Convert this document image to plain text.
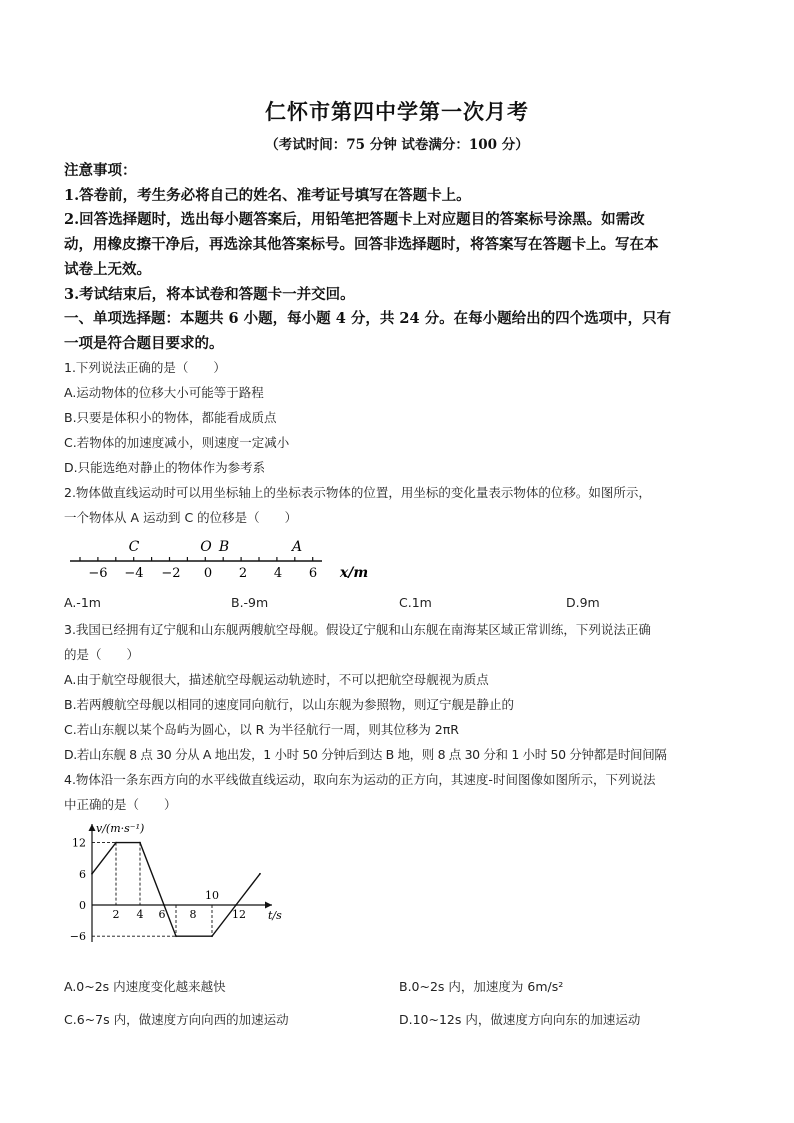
仁怀市第四中学第一次月考
（考试时间：75 分钟 试卷满分：100 分）
注意事项：
1.答卷前，考生务必将自己的姓名、准考证号填写在答题卡上。
2.回答选择题时，选出每小题答案后，用铅笔把答题卡上对应题目的答案标号涂黑。如需改
动，用橡皮擦干净后，再选涂其他答案标号。回答非选择题时，将答案写在答题卡上。写在本
试卷上无效。
3.考试结束后，将本试卷和答题卡一并交回。
一、单项选择题：本题共 6 小题，每小题 4 分，共 24 分。在每小题给出的四个选项中，只有
一项是符合题目要求的。
1.下列说法正确的是（　　）
A.运动物体的位移大小可能等于路程
B.只要是体积小的物体，都能看成质点
C.若物体的加速度减小，则速度一定减小
D.只能选绝对静止的物体作为参考系
2.物体做直线运动时可以用坐标轴上的坐标表示物体的位置，用坐标的变化量表示物体的位移。如图所示，
一个物体从 A 运动到 C 的位移是（　　）
C	O B	A
−6 −4 −2 0 2 4 6 x/m
A.-1m	B.-9m	C.1m	D.9m
3.我国已经拥有辽宁舰和山东舰两艘航空母舰。假设辽宁舰和山东舰在南海某区域正常训练，下列说法正确
的是（　　）
A.由于航空母舰很大，描述航空母舰运动轨迹时，不可以把航空母舰视为质点
B.若两艘航空母舰以相同的速度同向航行，以山东舰为参照物，则辽宁舰是静止的
C.若山东舰以某个岛屿为圆心，以 R 为半径航行一周，则其位移为 2πR
D.若山东舰 8 点 30 分从 A 地出发，1 小时 50 分钟后到达 B 地，则 8 点 30 分和 1 小时 50 分钟都是时间间隔
4.物体沿一条东西方向的水平线做直线运动，取向东为运动的正方向，其速度-时间图像如图所示，下列说法
中正确的是（　　）
2 4 6 8
10
12
12
6
0
−6
v/(m·s⁻¹)
t/s
A.0~2s 内速度变化越来越快	B.0~2s 内，加速度为 6m/s²
C.6~7s 内，做速度方向向西的加速运动	D.10~12s 内，做速度方向向东的加速运动
